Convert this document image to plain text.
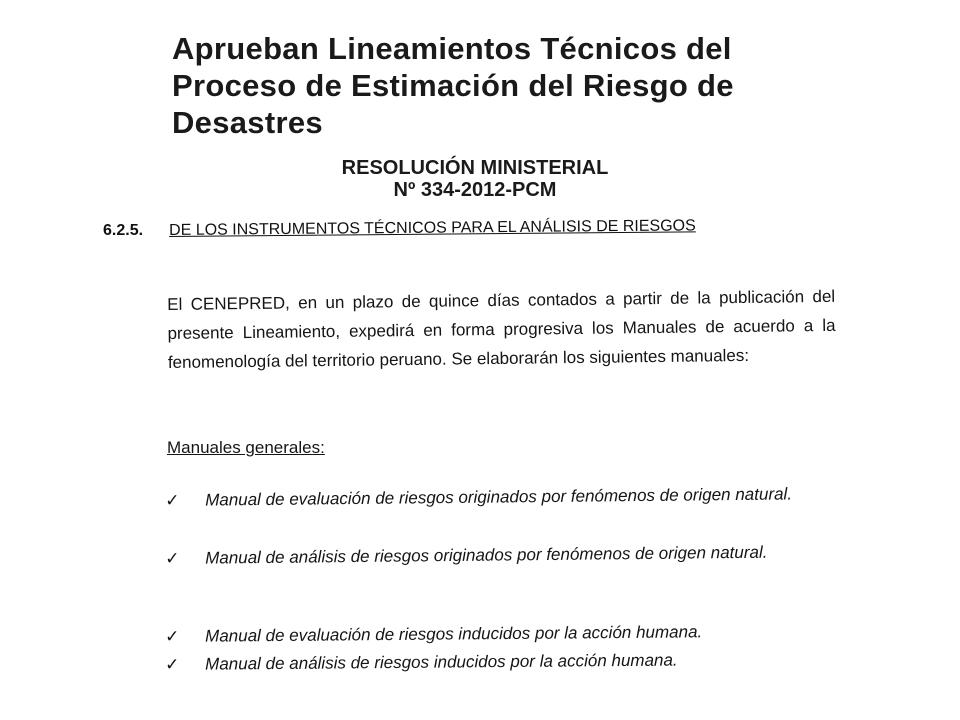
Aprueban Lineamientos Técnicos del
Proceso de Estimación del Riesgo de
Desastres
RESOLUCIÓN MINISTERIAL
Nº 334-2012-PCM
6.2.5. DE LOS INSTRUMENTOS TÉCNICOS PARA EL ANÁLISIS DE RIESGOS

El CENEPRED, en un plazo de quince días contados a partir de la publicación del presente Lineamiento, expedirá en forma progresiva los Manuales de acuerdo a la fenomenología del territorio peruano. Se elaborarán los siguientes manuales:

Manuales generales:
✓ Manual de evaluación de riesgos originados por fenómenos de origen natural.
✓ Manual de análisis de riesgos originados por fenómenos de origen natural.
✓ Manual de evaluación de riesgos inducidos por la acción humana.
✓ Manual de análisis de riesgos inducidos por la acción humana.
